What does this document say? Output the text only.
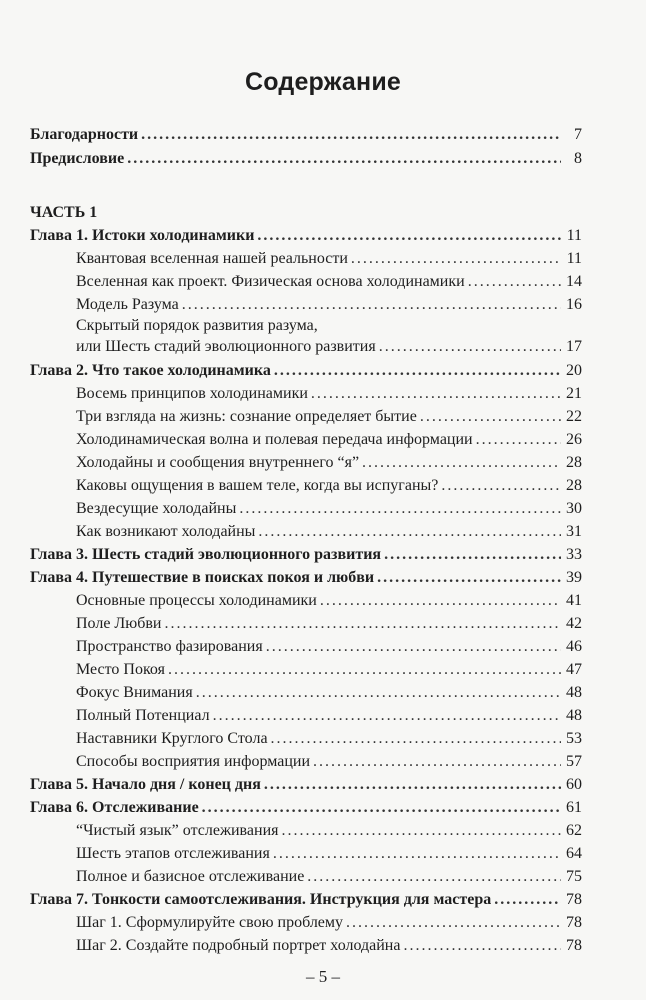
Содержание
Благодарности . . .	7
Предисловие . . .	8
ЧАСТЬ 1
Глава 1. Истоки холодинамики . . .	11
Квантовая вселенная нашей реальности . . .	11
Вселенная как проект. Физическая основа холодинамики . . .	14
Модель Разума . . .	16
Скрытый порядок развития разума,
или Шесть стадий эволюционного развития . . .	17
Глава 2. Что такое холодинамика . . .	20
Восемь принципов холодинамики . . .	21
Три взгляда на жизнь: сознание определяет бытие . . .	22
Холодинамическая волна и полевая передача информации . . .	26
Холодайны и сообщения внутреннего “я” . . .	28
Каковы ощущения в вашем теле, когда вы испуганы? . . .	28
Вездесущие холодайны . . .	30
Как возникают холодайны . . .	31
Глава 3. Шесть стадий эволюционного развития . . .	33
Глава 4. Путешествие в поисках покоя и любви . . .	39
Основные процессы холодинамики . . .	41
Поле Любви . . .	42
Пространство фазирования . . .	46
Место Покоя . . .	47
Фокус Внимания . . .	48
Полный Потенциал . . .	48
Наставники Круглого Стола . . .	53
Способы восприятия информации . . .	57
Глава 5. Начало дня / конец дня . . .	60
Глава 6. Отслеживание . . .	61
“Чистый язык” отслеживания . . .	62
Шесть этапов отслеживания . . .	64
Полное и базисное отслеживание . . .	75
Глава 7. Тонкости самоотслеживания. Инструкция для мастера . . .	78
Шаг 1. Сформулируйте свою проблему . . .	78
Шаг 2. Создайте подробный портрет холодайна . . .	78
– 5 –
